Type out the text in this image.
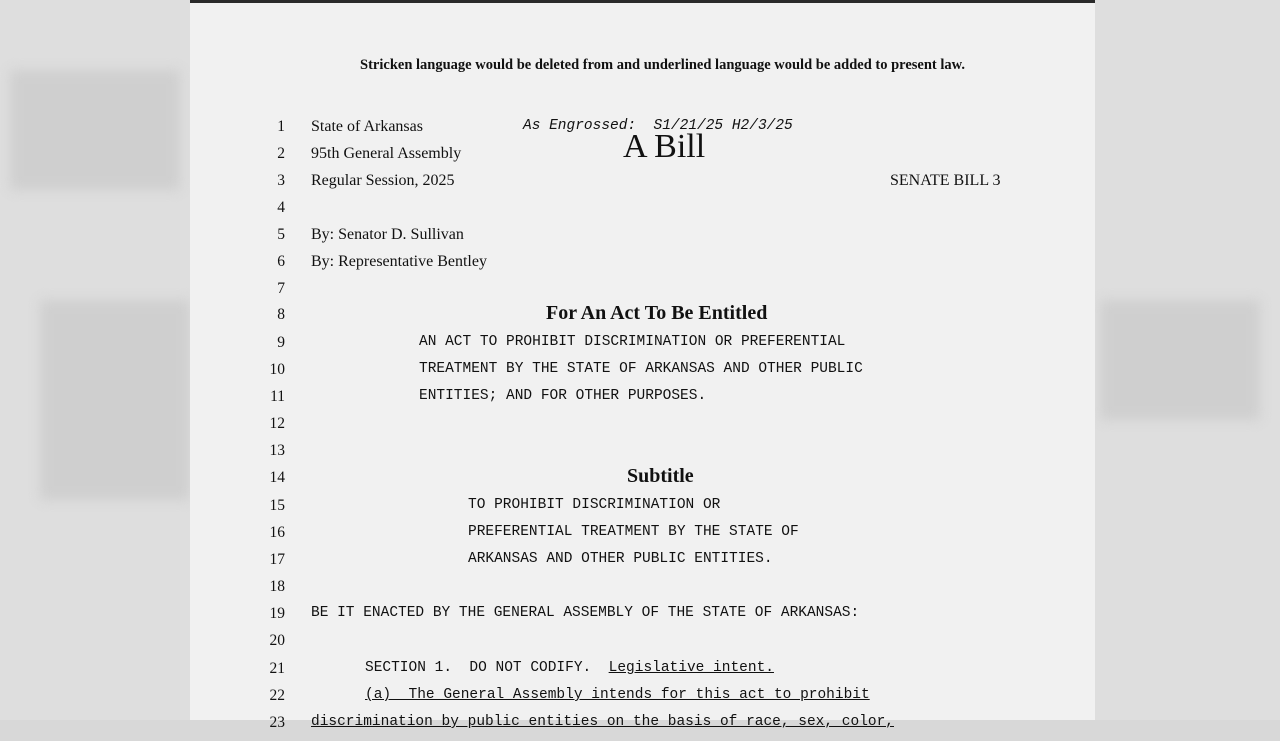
Stricken language would be deleted from and underlined language would be added to present law.
A Bill
1 State of Arkansas	As Engrossed:  S1/21/25 H2/3/25
2 95th General Assembly
3 Regular Session, 2025	SENATE BILL 3
4
5 By: Senator D. Sullivan
6 By: Representative Bentley
7
8	For An Act To Be Entitled
9	AN ACT TO PROHIBIT DISCRIMINATION OR PREFERENTIAL
10	TREATMENT BY THE STATE OF ARKANSAS AND OTHER PUBLIC
11	ENTITIES; AND FOR OTHER PURPOSES.
12
13
14	Subtitle
15	TO PROHIBIT DISCRIMINATION OR
16	PREFERENTIAL TREATMENT BY THE STATE OF
17	ARKANSAS AND OTHER PUBLIC ENTITIES.
18
19 BE IT ENACTED BY THE GENERAL ASSEMBLY OF THE STATE OF ARKANSAS:
20
21	SECTION 1.  DO NOT CODIFY.  Legislative intent.
22	(a)  The General Assembly intends for this act to prohibit
23 discrimination by public entities on the basis of race, sex, color,
